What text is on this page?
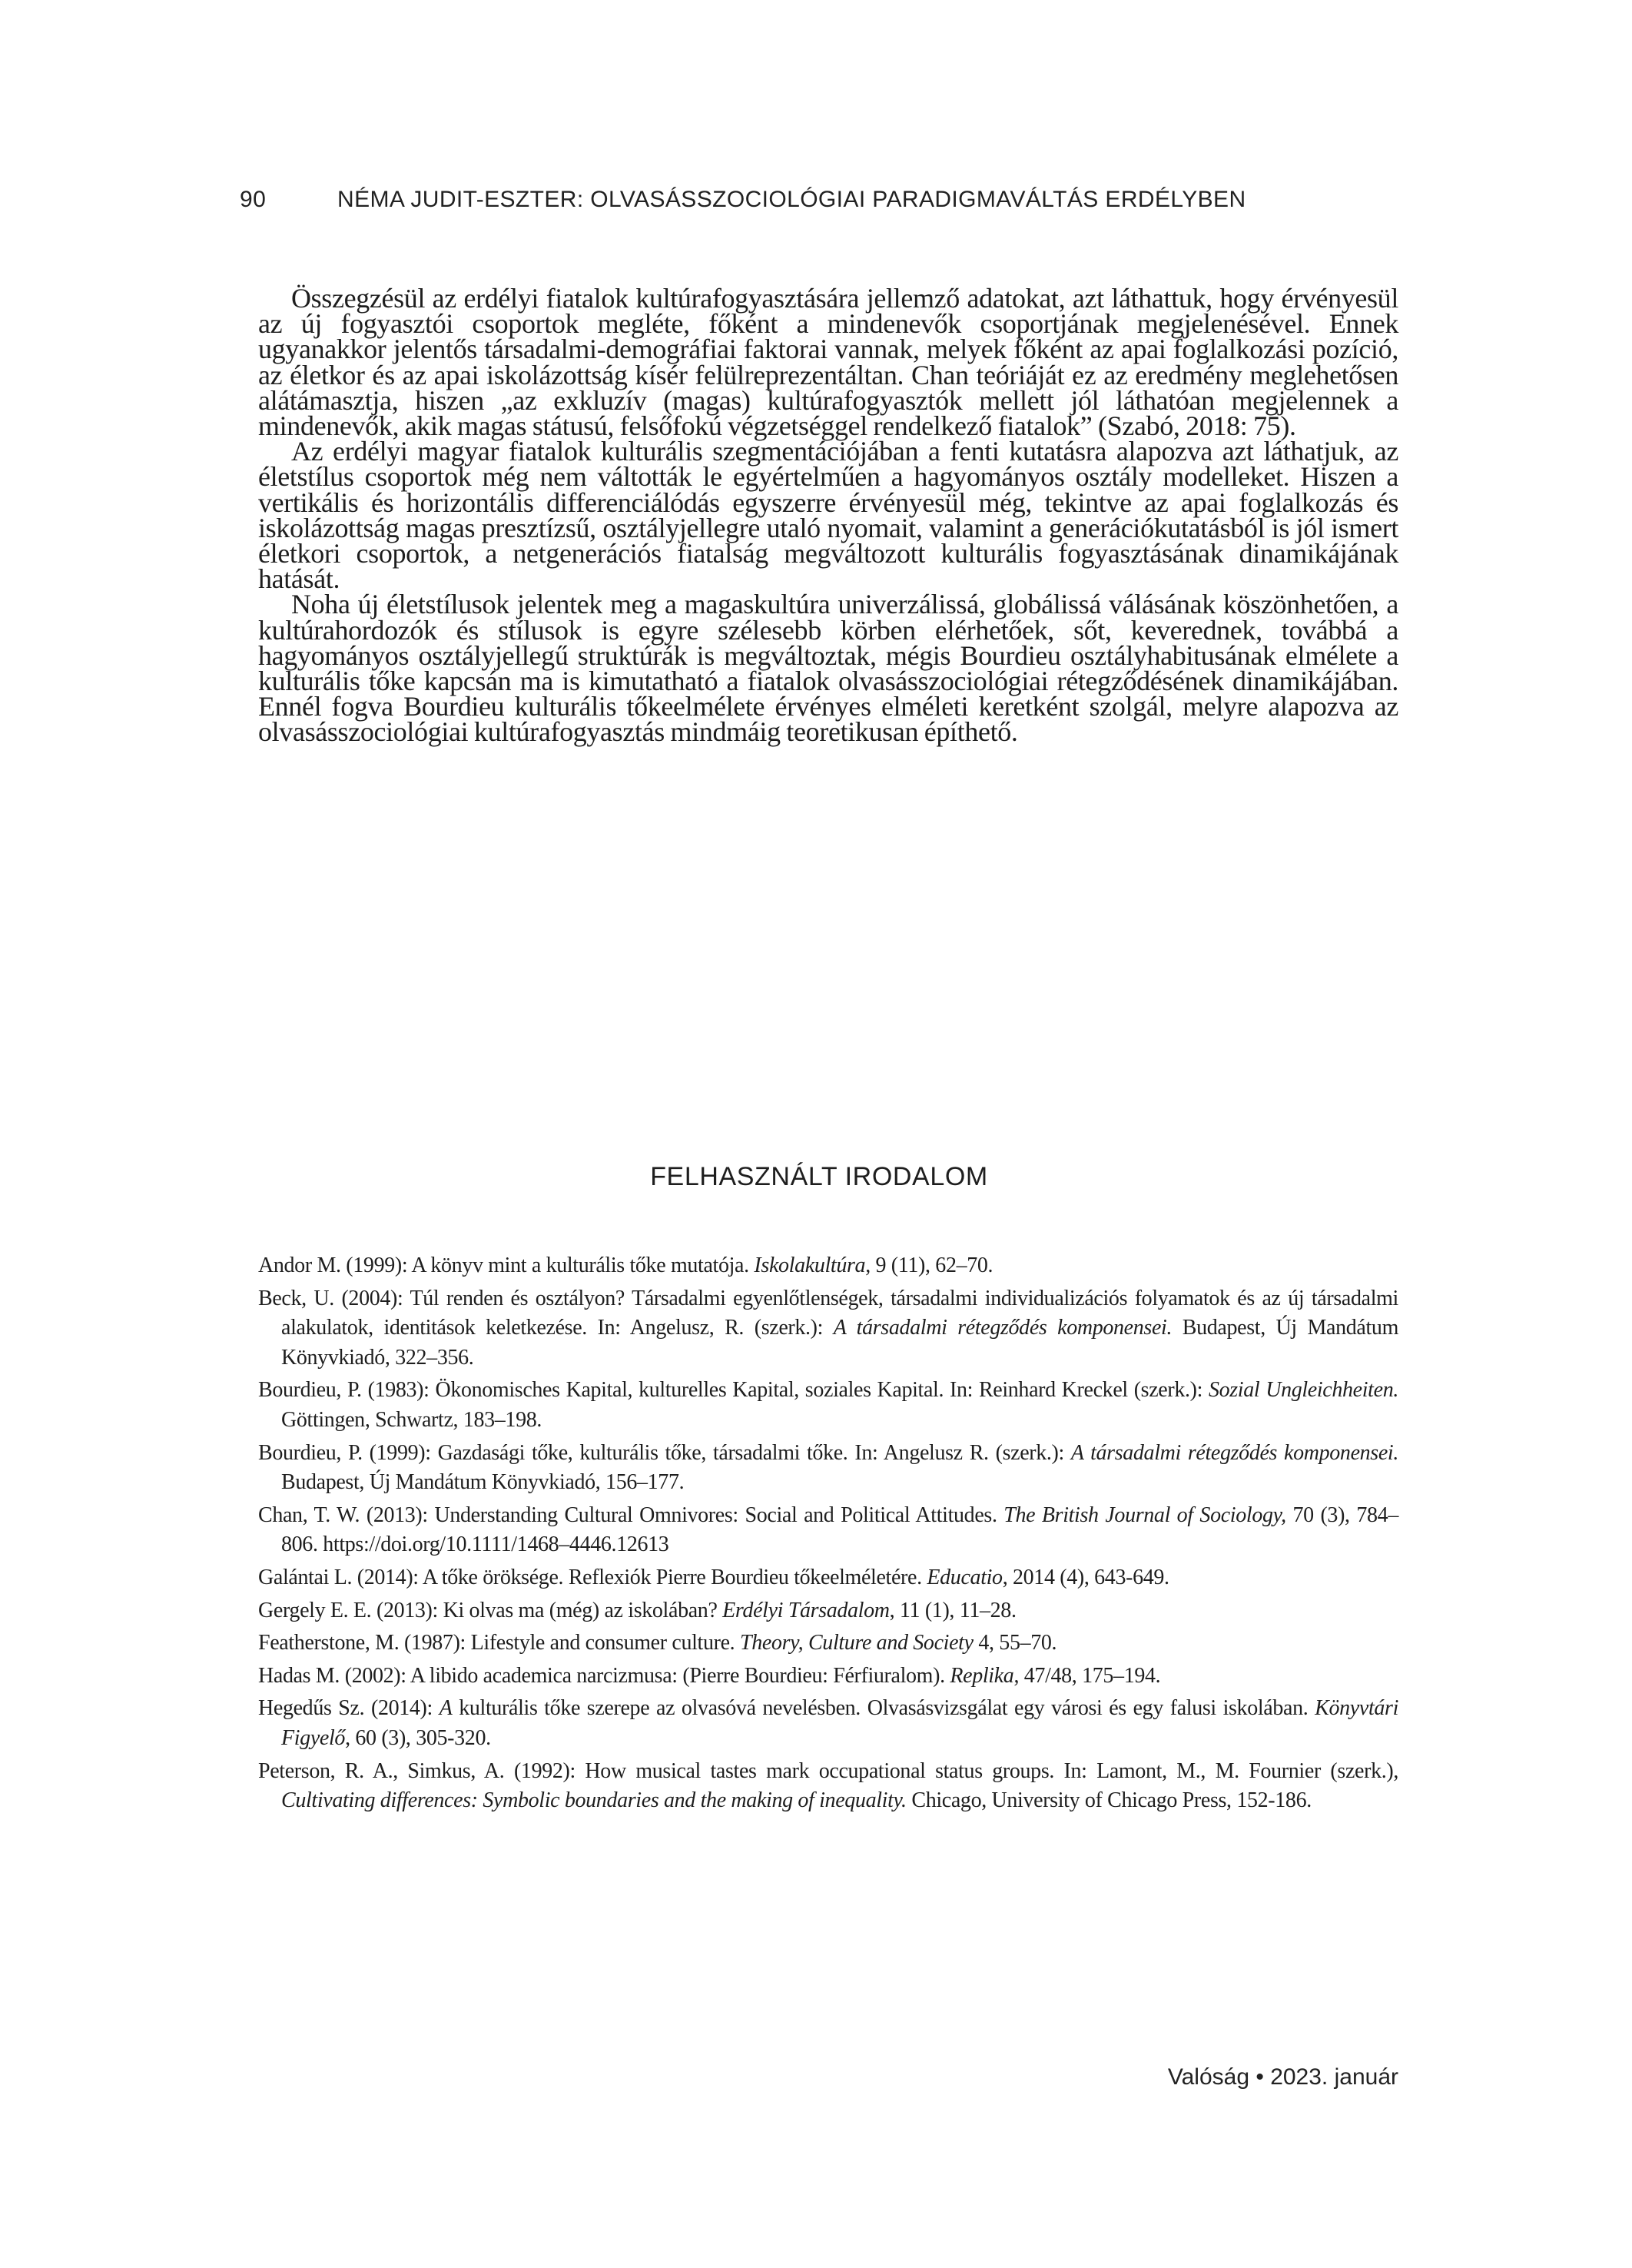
90	NÉMA JUDIT-ESZTER: OLVASÁSSZOCIOLÓGIAI PARADIGMAVÁLTÁS ERDÉLYBEN

Összegzésül az erdélyi fiatalok kultúrafogyasztására jellemző adatokat, azt láthattuk, hogy érvényesül az új fogyasztói csoportok megléte, főként a mindenevők csoportjának megjelenésével. Ennek ugyanakkor jelentős társadalmi-demográfiai faktorai vannak, melyek főként az apai foglalkozási pozíció, az életkor és az apai iskolázottság kísér felülreprezentáltan. Chan teóriáját ez az eredmény meglehetősen alátámasztja, hiszen „az exkluzív (magas) kultúrafogyasztók mellett jól láthatóan megjelennek a mindenevők, akik magas státusú, felsőfokú végzetséggel rendelkező fiatalok” (Szabó, 2018: 75).

Az erdélyi magyar fiatalok kulturális szegmentációjában a fenti kutatásra alapozva azt láthatjuk, az életstílus csoportok még nem váltották le egyértelműen a hagyományos osztály modelleket. Hiszen a vertikális és horizontális differenciálódás egyszerre érvényesül még, tekintve az apai foglalkozás és iskolázottság magas presztízsű, osztályjellegre utaló nyomait, valamint a generációkutatásból is jól ismert életkori csoportok, a netgenerációs fiatalság megváltozott kulturális fogyasztásának dinamikájának hatását.

Noha új életstílusok jelentek meg a magaskultúra univerzálissá, globálissá válásának köszönhetően, a kultúrahordozók és stílusok is egyre szélesebb körben elérhetőek, sőt, keverednek, továbbá a hagyományos osztályjellegű struktúrák is megváltoztak, mégis Bourdieu osztályhabitusának elmélete a kulturális tőke kapcsán ma is kimutatható a fiatalok olvasásszociológiai rétegződésének dinamikájában. Ennél fogva Bourdieu kulturális tőkeelmélete érvényes elméleti keretként szolgál, melyre alapozva az olvasásszociológiai kultúrafogyasztás mindmáig teoretikusan építhető.

FELHASZNÁLT IRODALOM
Andor M. (1999): A könyv mint a kulturális tőke mutatója. Iskolakultúra, 9 (11), 62–70.
Beck, U. (2004): Túl renden és osztályon? Társadalmi egyenlőtlenségek, társadalmi individualizációs folyamatok és az új társadalmi alakulatok, identitások keletkezése. In: Angelusz, R. (szerk.): A társadalmi rétegződés komponensei. Budapest, Új Mandátum Könyvkiadó, 322–356.
Bourdieu, P. (1983): Ökonomisches Kapital, kulturelles Kapital, soziales Kapital. In: Reinhard Kreckel (szerk.): Sozial Ungleichheiten. Göttingen, Schwartz, 183–198.
Bourdieu, P. (1999): Gazdasági tőke, kulturális tőke, társadalmi tőke. In: Angelusz R. (szerk.): A társadalmi rétegződés komponensei. Budapest, Új Mandátum Könyvkiadó, 156–177.
Chan, T. W. (2013): Understanding Cultural Omnivores: Social and Political Attitudes. The British Journal of Sociology, 70 (3), 784–806. https://doi.org/10.1111/1468–4446.12613
Galántai L. (2014): A tőke öröksége. Reflexiók Pierre Bourdieu tőkeelméletére. Educatio, 2014 (4), 643-649.
Gergely E. E. (2013): Ki olvas ma (még) az iskolában? Erdélyi Társadalom, 11 (1), 11–28.
Featherstone, M. (1987): Lifestyle and consumer culture. Theory, Culture and Society 4, 55–70.
Hadas M. (2002): A libido academica narcizmusa: (Pierre Bourdieu: Férfiuralom). Replika, 47/48, 175–194.
Hegedűs Sz. (2014): A kulturális tőke szerepe az olvasóvá nevelésben. Olvasásvizsgálat egy városi és egy falusi iskolában. Könyvtári Figyelő, 60 (3), 305-320.
Peterson, R. A., Simkus, A. (1992): How musical tastes mark occupational status groups. In: Lamont, M., M. Fournier (szerk.), Cultivating differences: Symbolic boundaries and the making of inequality. Chicago, University of Chicago Press, 152-186.
Valóság • 2023. január
